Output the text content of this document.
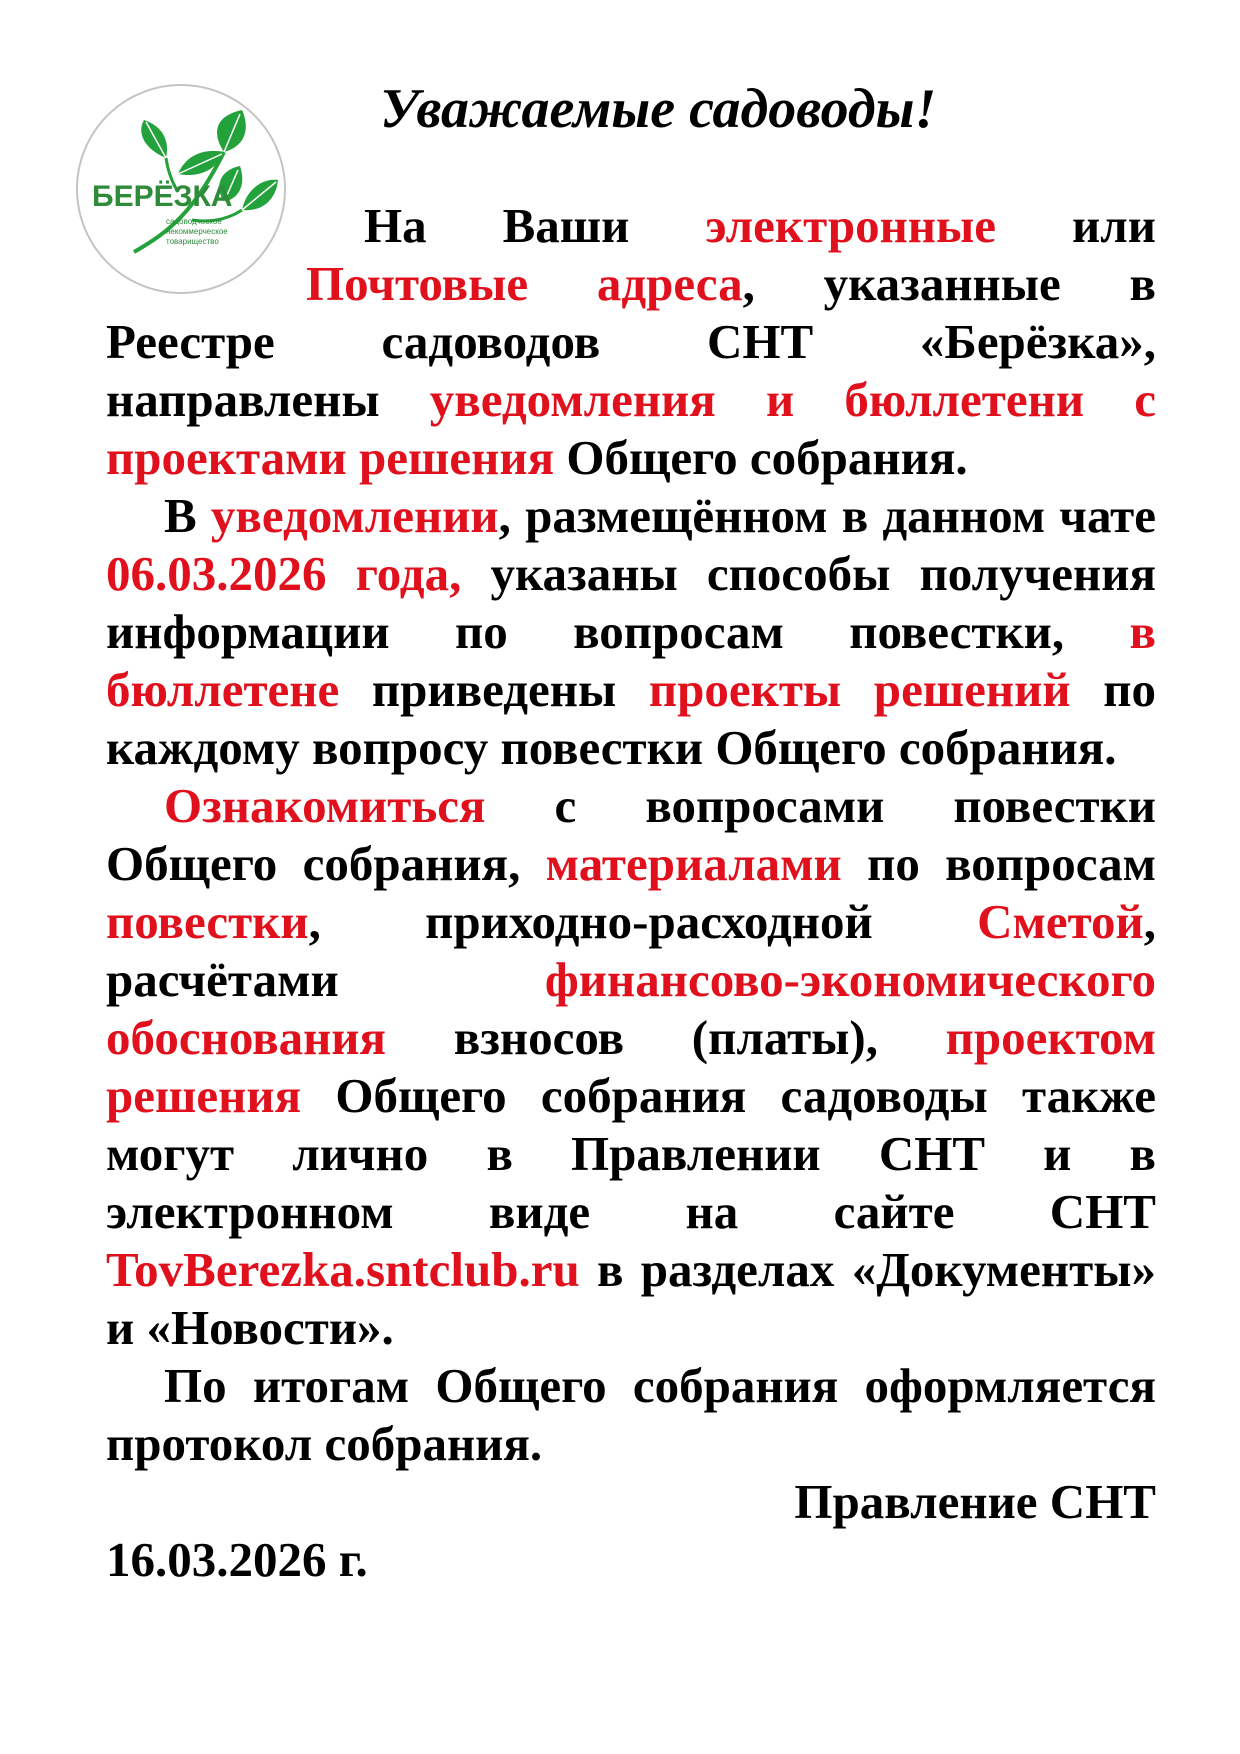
БЕРЁЗКА
садоводческое
некоммерческое
товарищество
Уважаемые садоводы!

На Ваши электронные или

Почтовые адреса, указанные в Реестре садоводов СНТ «Берёзка», направлены уведомления и бюллетени с проектами решения Общего собрания.

В уведомлении, размещённом в данном чате 06.03.2026 года, указаны способы получения информации по вопросам повестки, в бюллетене приведены проекты решений по каждому вопросу повестки Общего собрания.

Ознакомиться с вопросами повестки Общего собрания, материалами по вопросам повестки, приходно-расходной Сметой, расчётами финансово-экономического обоснования взносов (платы), проектом решения Общего собрания садоводы также могут лично в Правлении СНТ и в электронном виде на сайте СНТ TovBerezka.sntclub.ru в разделах «Документы» и «Новости».

По итогам Общего собрания оформляется протокол собрания.

Правление СНТ

16.03.2026 г.
